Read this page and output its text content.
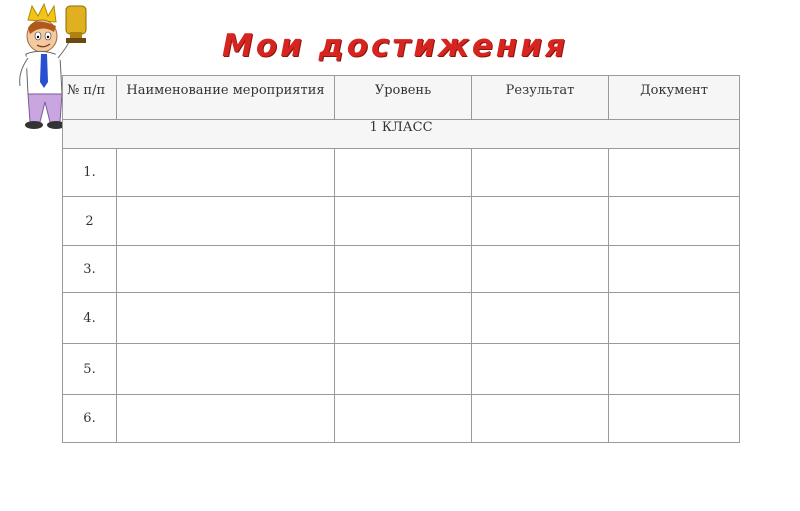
Мои достижения
№ п/п	Наименование мероприятия	Уровень	Результат	Документ
1 КЛАСС				
1.				
2				
3.				
4.				
5.				
6.				
